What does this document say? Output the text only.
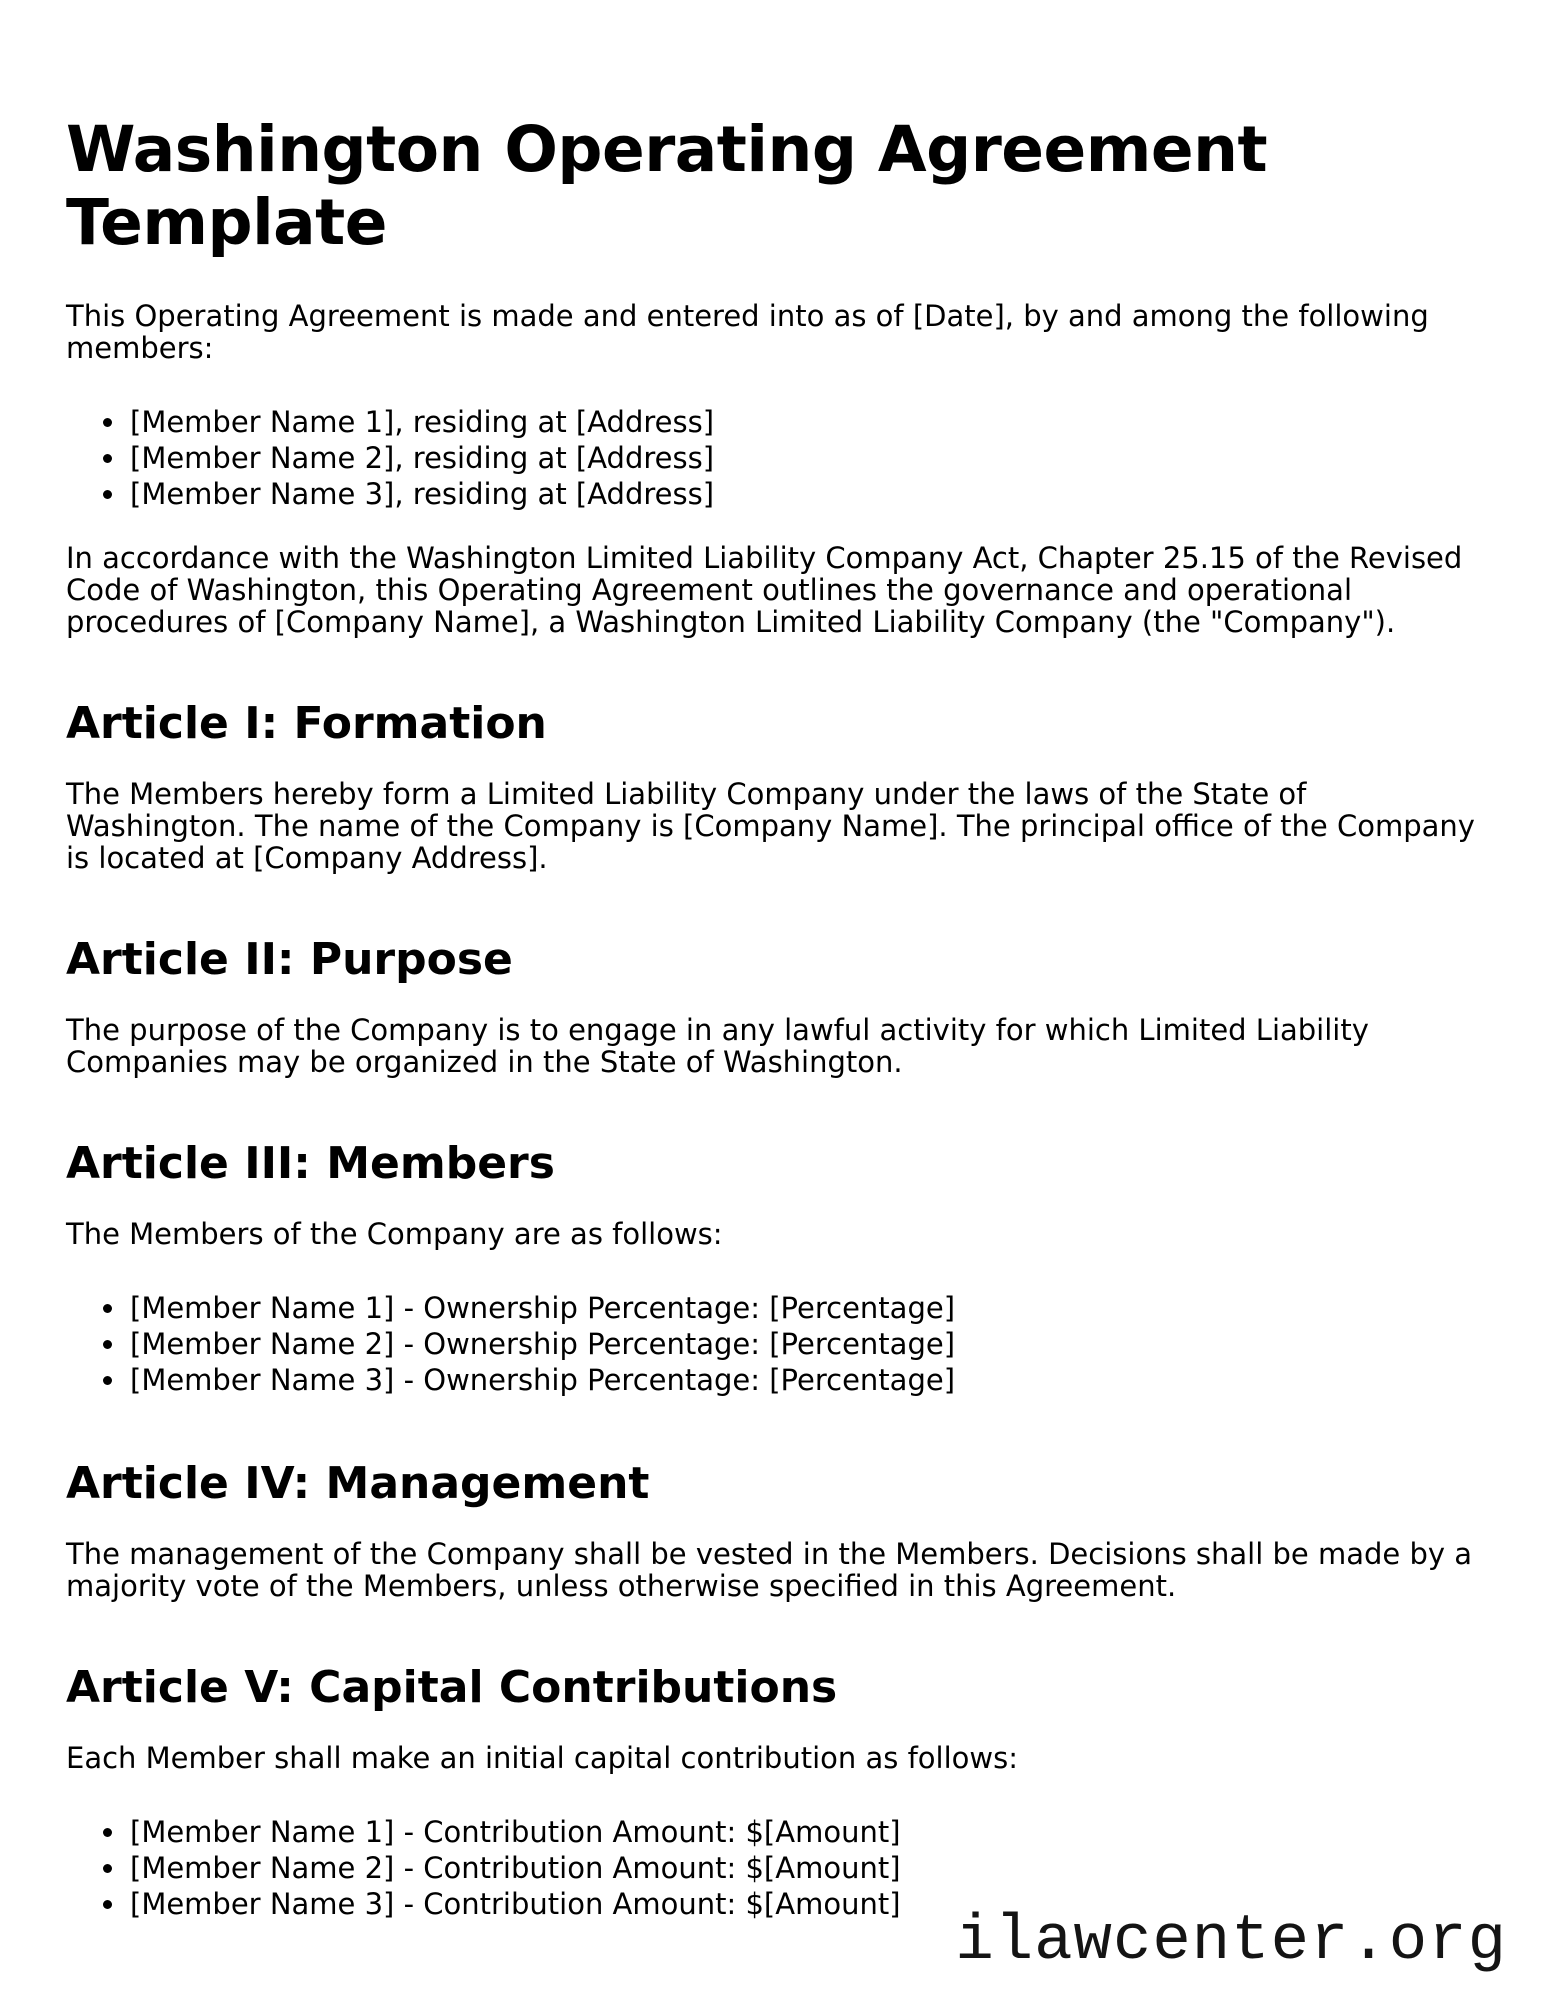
Washington Operating Agreement Template

This Operating Agreement is made and entered into as of [Date], by and among the following members:

• [Member Name 1], residing at [Address]
• [Member Name 2], residing at [Address]
• [Member Name 3], residing at [Address]

In accordance with the Washington Limited Liability Company Act, Chapter 25.15 of the Revised Code of Washington, this Operating Agreement outlines the governance and operational procedures of [Company Name], a Washington Limited Liability Company (the "Company").

Article I: Formation

The Members hereby form a Limited Liability Company under the laws of the State of Washington. The name of the Company is [Company Name]. The principal office of the Company is located at [Company Address].

Article II: Purpose

The purpose of the Company is to engage in any lawful activity for which Limited Liability Companies may be organized in the State of Washington.

Article III: Members

The Members of the Company are as follows:

• [Member Name 1] - Ownership Percentage: [Percentage]
• [Member Name 2] - Ownership Percentage: [Percentage]
• [Member Name 3] - Ownership Percentage: [Percentage]
Article IV: Management

The management of the Company shall be vested in the Members. Decisions shall be made by a majority vote of the Members, unless otherwise specified in this Agreement.

Article V: Capital Contributions

Each Member shall make an initial capital contribution as follows:

• [Member Name 1] - Contribution Amount: $[Amount]
• [Member Name 2] - Contribution Amount: $[Amount]
• [Member Name 3] - Contribution Amount: $[Amount]
ilawcenter.org
